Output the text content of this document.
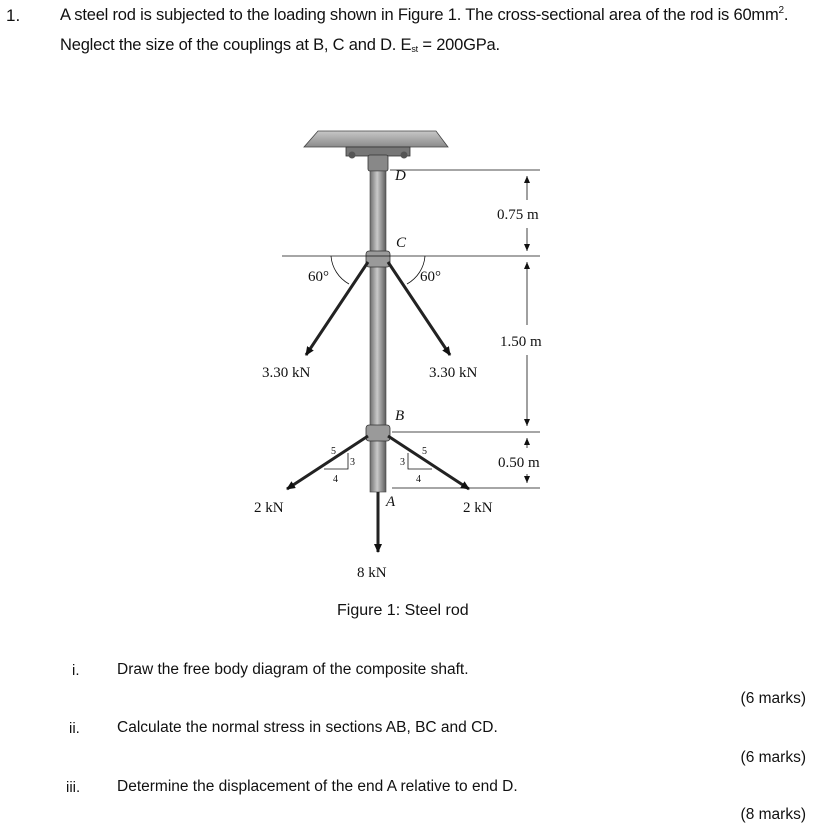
1. A steel rod is subjected to the loading shown in Figure 1. The cross-sectional area of the rod is $60mm^2$.
Neglect the size of the couplings at B, C and D. $E_{st} = 200GPa$.
0.75 m
1.50 m
0.50 m
D
C
B
A
60°	60°
3.30 kN	3.30 kN
5
3
4
5
3
4
2 kN	2 kN
8 kN
Figure 1: Steel rod
i. Draw the free body diagram of the composite shaft.
(6 marks)
ii. Calculate the normal stress in sections AB, BC and CD.
(6 marks)
iii. Determine the displacement of the end A relative to end D.
(8 marks)
